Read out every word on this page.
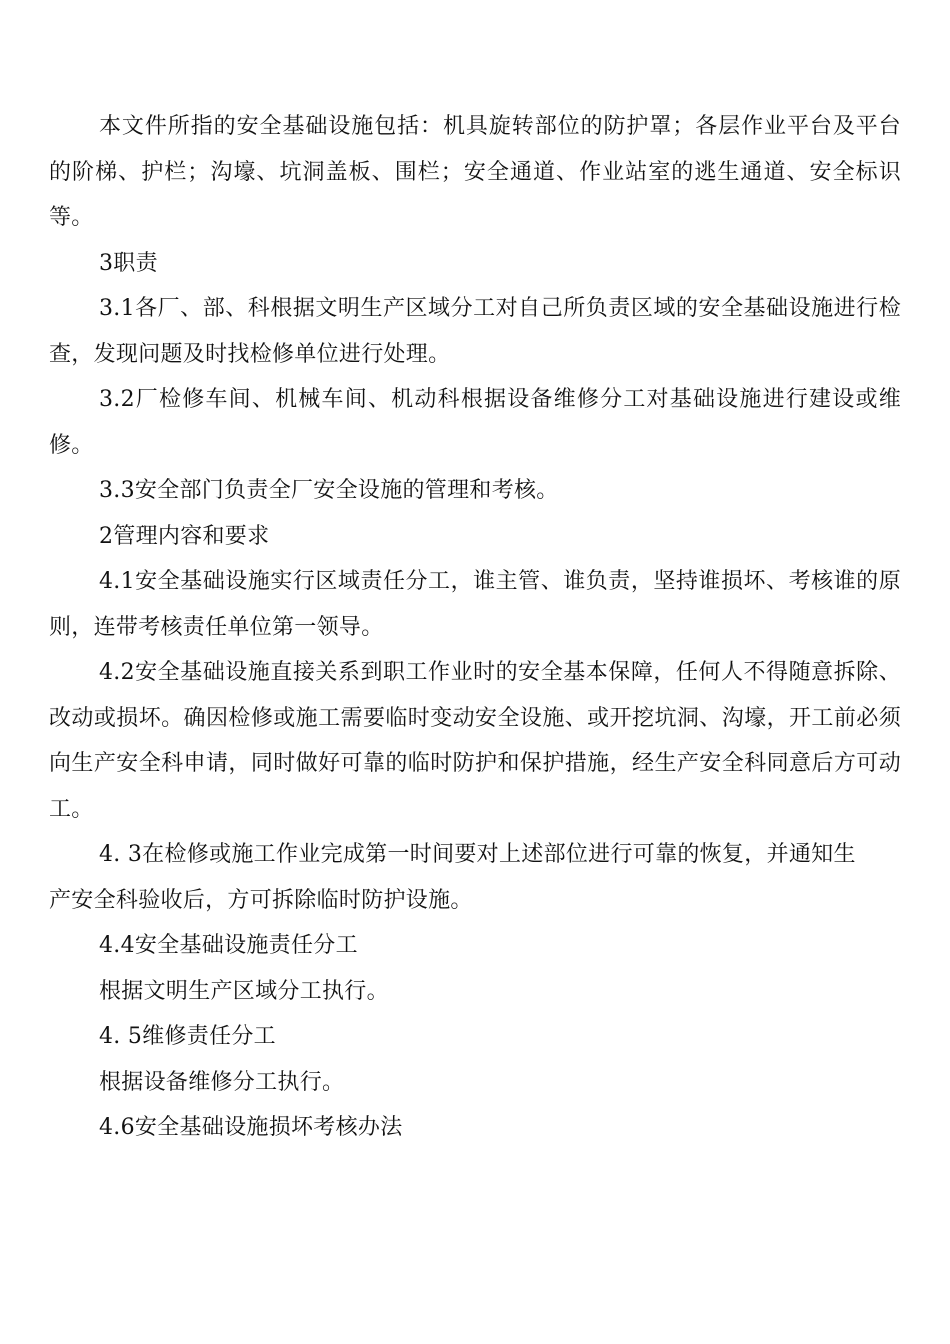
本文件所指的安全基础设施包括：机具旋转部位的防护罩；各层作业平台及平台的阶梯、护栏；沟壕、坑洞盖板、围栏；安全通道、作业站室的逃生通道、安全标识等。

3职责

3.1各厂、部、科根据文明生产区域分工对自己所负责区域的安全基础设施进行检查，发现问题及时找检修单位进行处理。

3.2厂检修车间、机械车间、机动科根据设备维修分工对基础设施进行建设或维修。

3.3安全部门负责全厂安全设施的管理和考核。

2管理内容和要求

4.1安全基础设施实行区域责任分工，谁主管、谁负责，坚持谁损坏、考核谁的原则，连带考核责任单位第一领导。

4.2安全基础设施直接关系到职工作业时的安全基本保障，任何人不得随意拆除、改动或损坏。确因检修或施工需要临时变动安全设施、或开挖坑洞、沟壕，开工前必须向生产安全科申请，同时做好可靠的临时防护和保护措施，经生产安全科同意后方可动工。

4. 3在检修或施工作业完成第一时间要对上述部位进行可靠的恢复，并通知生

产安全科验收后，方可拆除临时防护设施。

4.4安全基础设施责任分工

根据文明生产区域分工执行。

4. 5维修责任分工

根据设备维修分工执行。

4.6安全基础设施损坏考核办法
